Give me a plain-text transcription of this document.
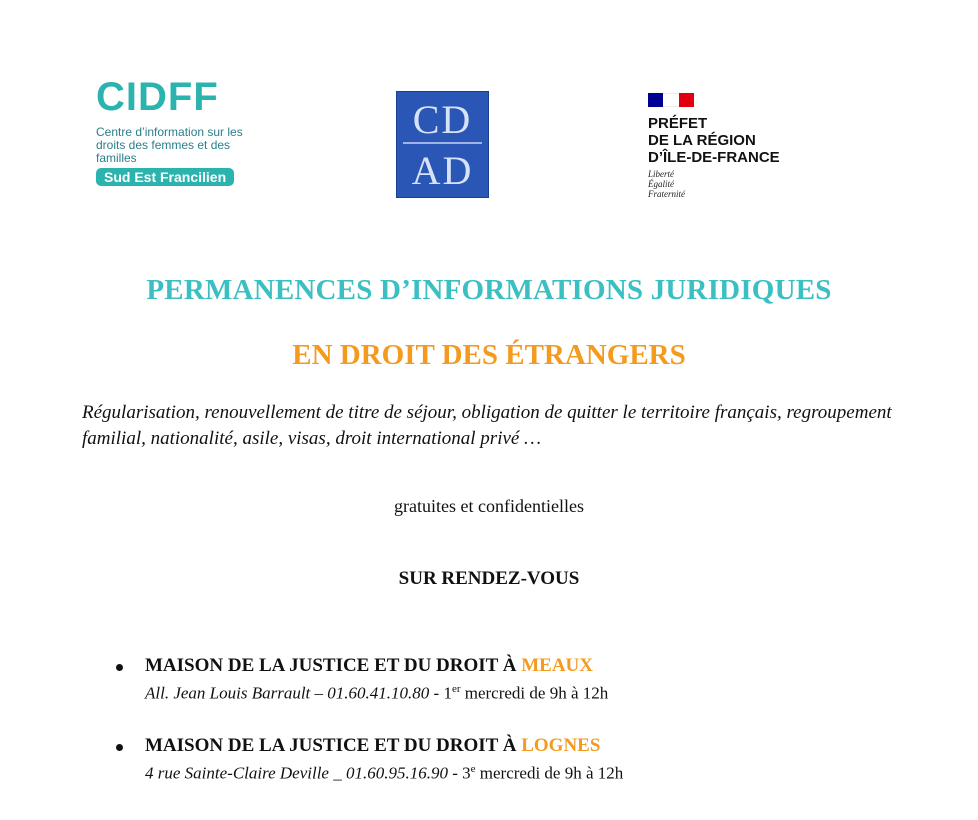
CIDFF
Centre d’information sur les droits des femmes et des familles
Sud Est Francilien
CD
AD
PRÉFET
DE LA RÉGION
D’ÎLE-DE-FRANCE
Liberté
Égalité
Fraternité
PERMANENCES D’INFORMATIONS JURIDIQUES
EN DROIT DES ÉTRANGERS
Régularisation, renouvellement de titre de séjour, obligation de quitter le territoire français, regroupement familial, nationalité, asile, visas, droit international privé …
gratuites et confidentielles
SUR RENDEZ-VOUS
MAISON DE LA JUSTICE ET DU DROIT À MEAUX
All. Jean Louis Barrault – 01.60.41.10.80 - 1er mercredi de 9h à 12h
MAISON DE LA JUSTICE ET DU DROIT À LOGNES
4 rue Sainte-Claire Deville _ 01.60.95.16.90 - 3e mercredi de 9h à 12h
